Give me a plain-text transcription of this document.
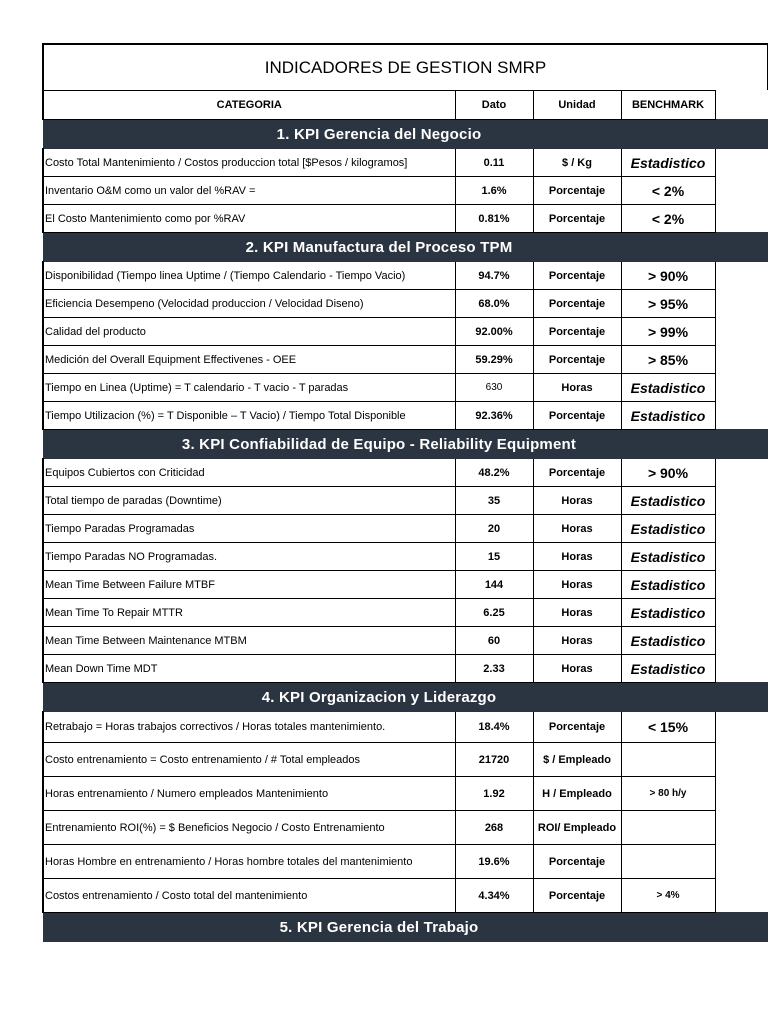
INDICADORES DE GESTION SMRP
CATEGORIA	Dato	Unidad	BENCHMARK	
1. KPI Gerencia del Negocio				
Costo Total Mantenimiento / Costos produccion total [$Pesos / kilogramos]	0.11	$ / Kg	Estadistico	
Inventario O&M como un valor del %RAV =	1.6%	Porcentaje	< 2%	
El Costo Mantenimiento como por %RAV	0.81%	Porcentaje	< 2%	
2. KPI Manufactura del Proceso TPM				
Disponibilidad (Tiempo linea Uptime / (Tiempo Calendario - Tiempo Vacio)	94.7%	Porcentaje	> 90%	
Eficiencia Desempeno (Velocidad produccion / Velocidad Diseno)	68.0%	Porcentaje	> 95%	
Calidad del producto	92.00%	Porcentaje	> 99%	
Medición del Overall Equipment Effectivenes - OEE	59.29%	Porcentaje	> 85%	
Tiempo en Linea (Uptime) = T calendario - T vacio - T paradas	630	Horas	Estadistico	
Tiempo Utilizacion (%) = T Disponible – T Vacio) / Tiempo Total Disponible	92.36%	Porcentaje	Estadistico	
3. KPI Confiabilidad de Equipo - Reliability Equipment				
Equipos Cubiertos con Criticidad	48.2%	Porcentaje	> 90%	
Total tiempo de paradas (Downtime)	35	Horas	Estadistico	
Tiempo Paradas Programadas	20	Horas	Estadistico	
Tiempo Paradas NO Programadas.	15	Horas	Estadistico	
Mean Time Between Failure MTBF	144	Horas	Estadistico	
Mean Time To Repair MTTR	6.25	Horas	Estadistico	
Mean Time Between Maintenance MTBM	60	Horas	Estadistico	
Mean Down Time MDT	2.33	Horas	Estadistico	
4. KPI Organizacion y Liderazgo				
Retrabajo = Horas trabajos correctivos / Horas totales mantenimiento.	18.4%	Porcentaje	< 15%	
Costo entrenamiento = Costo entrenamiento / # Total empleados	21720	$ / Empleado		
Horas entrenamiento / Numero empleados Mantenimiento	1.92	H / Empleado	> 80 h/y	
Entrenamiento ROI(%) = $ Beneficios Negocio / Costo Entrenamiento	268	ROI/ Empleado		
Horas Hombre en entrenamiento / Horas hombre totales del mantenimiento	19.6%	Porcentaje		
Costos entrenamiento / Costo total del mantenimiento	4.34%	Porcentaje	> 4%	
5. KPI Gerencia del Trabajo				
